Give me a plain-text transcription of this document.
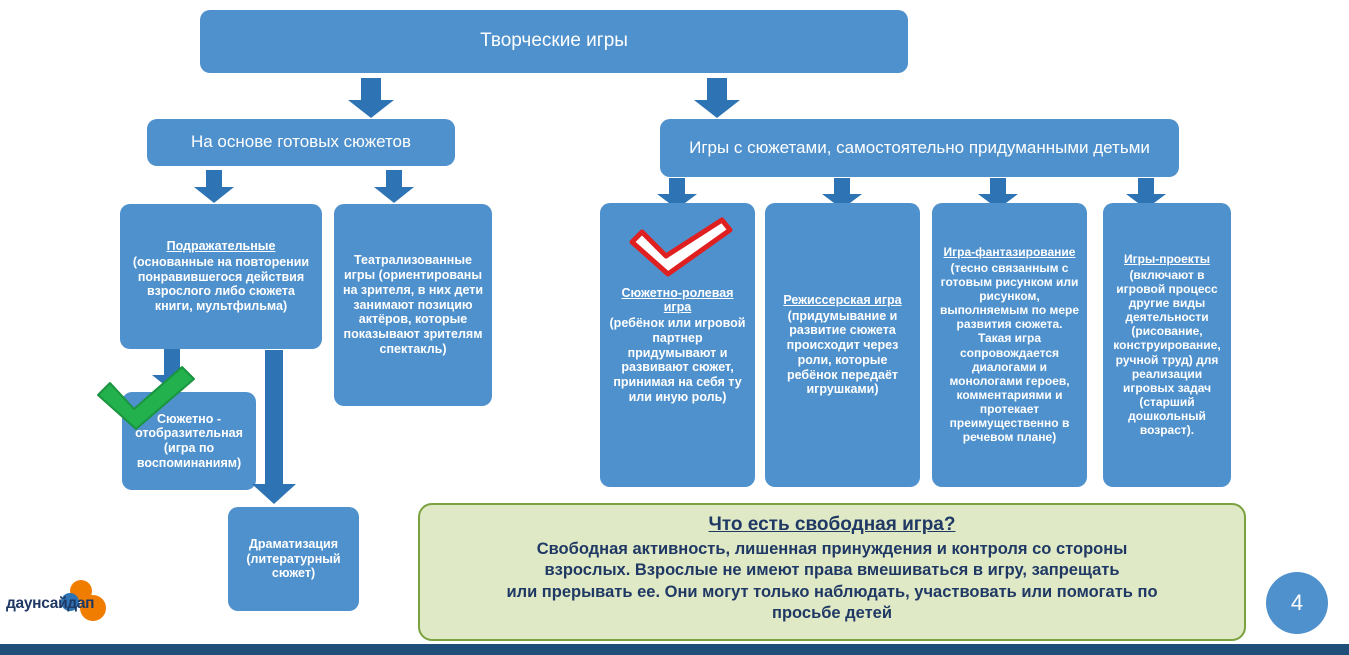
Творческие игры
На основе готовых сюжетов	Игры с сюжетами, самостоятельно придуманными детьми
Подражательные
(основанные на повторении понравившегося действия взрослого либо сюжета книги, мультфильма)
Театрализованные игры (ориентированы на зрителя, в них дети занимают позицию актёров, которые показывают зрителям спектакль)
Сюжетно - отобразительная (игра по воспоминаниям)
Драматизация (литературный сюжет)
Сюжетно-ролевая игра
(ребёнок или игровой партнер придумывают и развивают сюжет, принимая на себя ту или иную роль)
Режиссерская игра
(придумывание и развитие сюжета происходит через роли, которые ребёнок передаёт игрушками)
Игра-фантазирование
(тесно связанным с готовым рисунком или рисунком, выполняемым по мере развития сюжета. Такая игра сопровождается диалогами и монологами героев, комментариями и протекает преимущественно в речевом плане)
Игры-проекты
(включают в игровой процесс другие виды деятельности (рисование, конструирование, ручной труд) для реализации игровых задач (старший дошкольный возраст).
Что есть свободная игра?
Свободная активность, лишенная принуждения и контроля со стороны
взрослых. Взрослые не имеют права вмешиваться в игру, запрещать
или прерывать ее. Они могут только наблюдать, участвовать или помогать по
просьбе детей	4
даунсайдап
